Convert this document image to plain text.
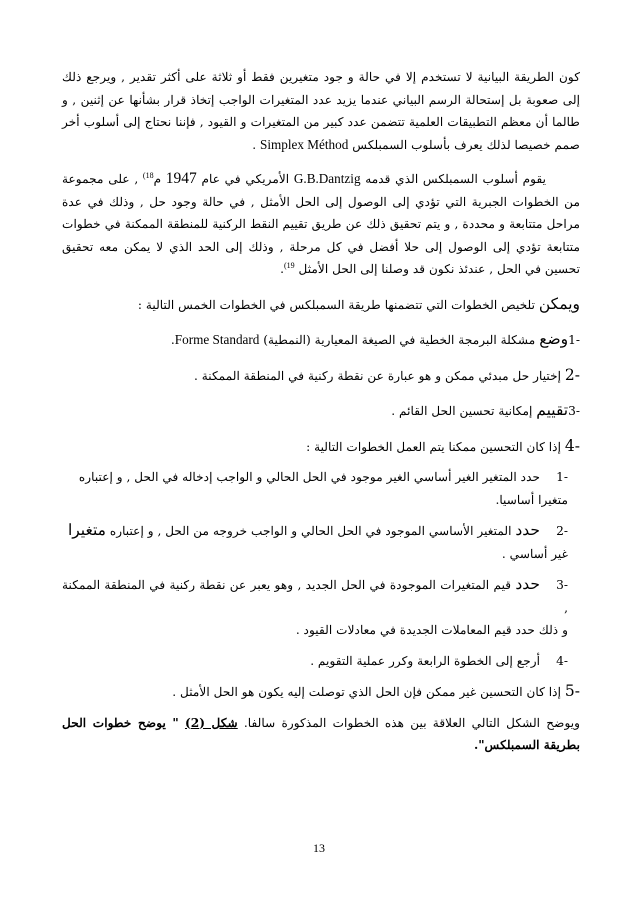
كون الطريقة البيانية لا تستخدم إلا في حالة و جود متغيرين فقط أو ثلاثة على أكثر تقدير , ويرجع ذلك إلى صعوبة بل إستحالة الرسم البياني عندما يزيد عدد المتغيرات الواجب إتخاذ قرار بشأنها عن إثنين , و طالما أن معظم التطبيقات العلمية تتضمن عدد كبير من المتغيرات و القيود , فإننا نحتاج إلى أسلوب أخر صمم خصيصا لذلك يعرف بأسلوب السمبلكس Simplex Méthod .

يقوم أسلوب السمبلكس الذي قدمه G.B.Dantzig الأمريكي في عام 1947 م$^{(18}$ , على مجموعة من الخطوات الجبرية التي تؤدي إلى الوصول إلى الحل الأمثل , في حالة وجود حل , وذلك في عدة مراحل متتابعة و محددة , و يتم تحقيق ذلك عن طريق تقييم النقط الركنية للمنطقة الممكنة في خطوات متتابعة تؤدي إلى الوصول إلى حلا أفضل في كل مرحلة , وذلك إلى الحد الذي لا يمكن معه تحقيق تحسين في الحل , عندئذ نكون قد وصلنا إلى الحل الأمثل $^{(19}$.

ويمكن تلخيص الخطوات التي تتضمنها طريقة السمبلكس في الخطوات الخمس التالية :

-1وضع مشكلة البرمجة الخطية في الصيغة المعيارية (النمطية) Forme Standard.

-2 إختيار حل مبدئي ممكن و هو عبارة عن نقطة ركنية في المنطقة الممكنة .

-3تقييم إمكانية تحسين الحل القائم .

-4 إذا كان التحسين ممكنا يتم العمل الخطوات التالية :

-1حدد المتغير الغير أساسي الغير موجود في الحل الحالي و الواجب إدخاله في الحل , و إعتباره

متغيرا أساسيا.

-2حدد المتغير الأساسي الموجود في الحل الحالي و الواجب خروجه من الحل , و إعتباره متغيرا

غير أساسي .

-3حدد قيم المتغيرات الموجودة في الحل الجديد , وهو يعبر عن نقطة ركنية في المنطقة الممكنة ,

و ذلك حدد قيم المعاملات الجديدة في معادلات القيود .

-4أرجع إلى الخطوة الرابعة وكرر عملية التقويم .

-5 إذا كان التحسين غير ممكن فإن الحل الذي توصلت إليه يكون هو الحل الأمثل .

ويوضح الشكل التالي العلاقة بين هذه الخطوات المذكورة سالفا. شكل (2) " يوضح خطوات الحل بطريقة السمبلكس".

13
